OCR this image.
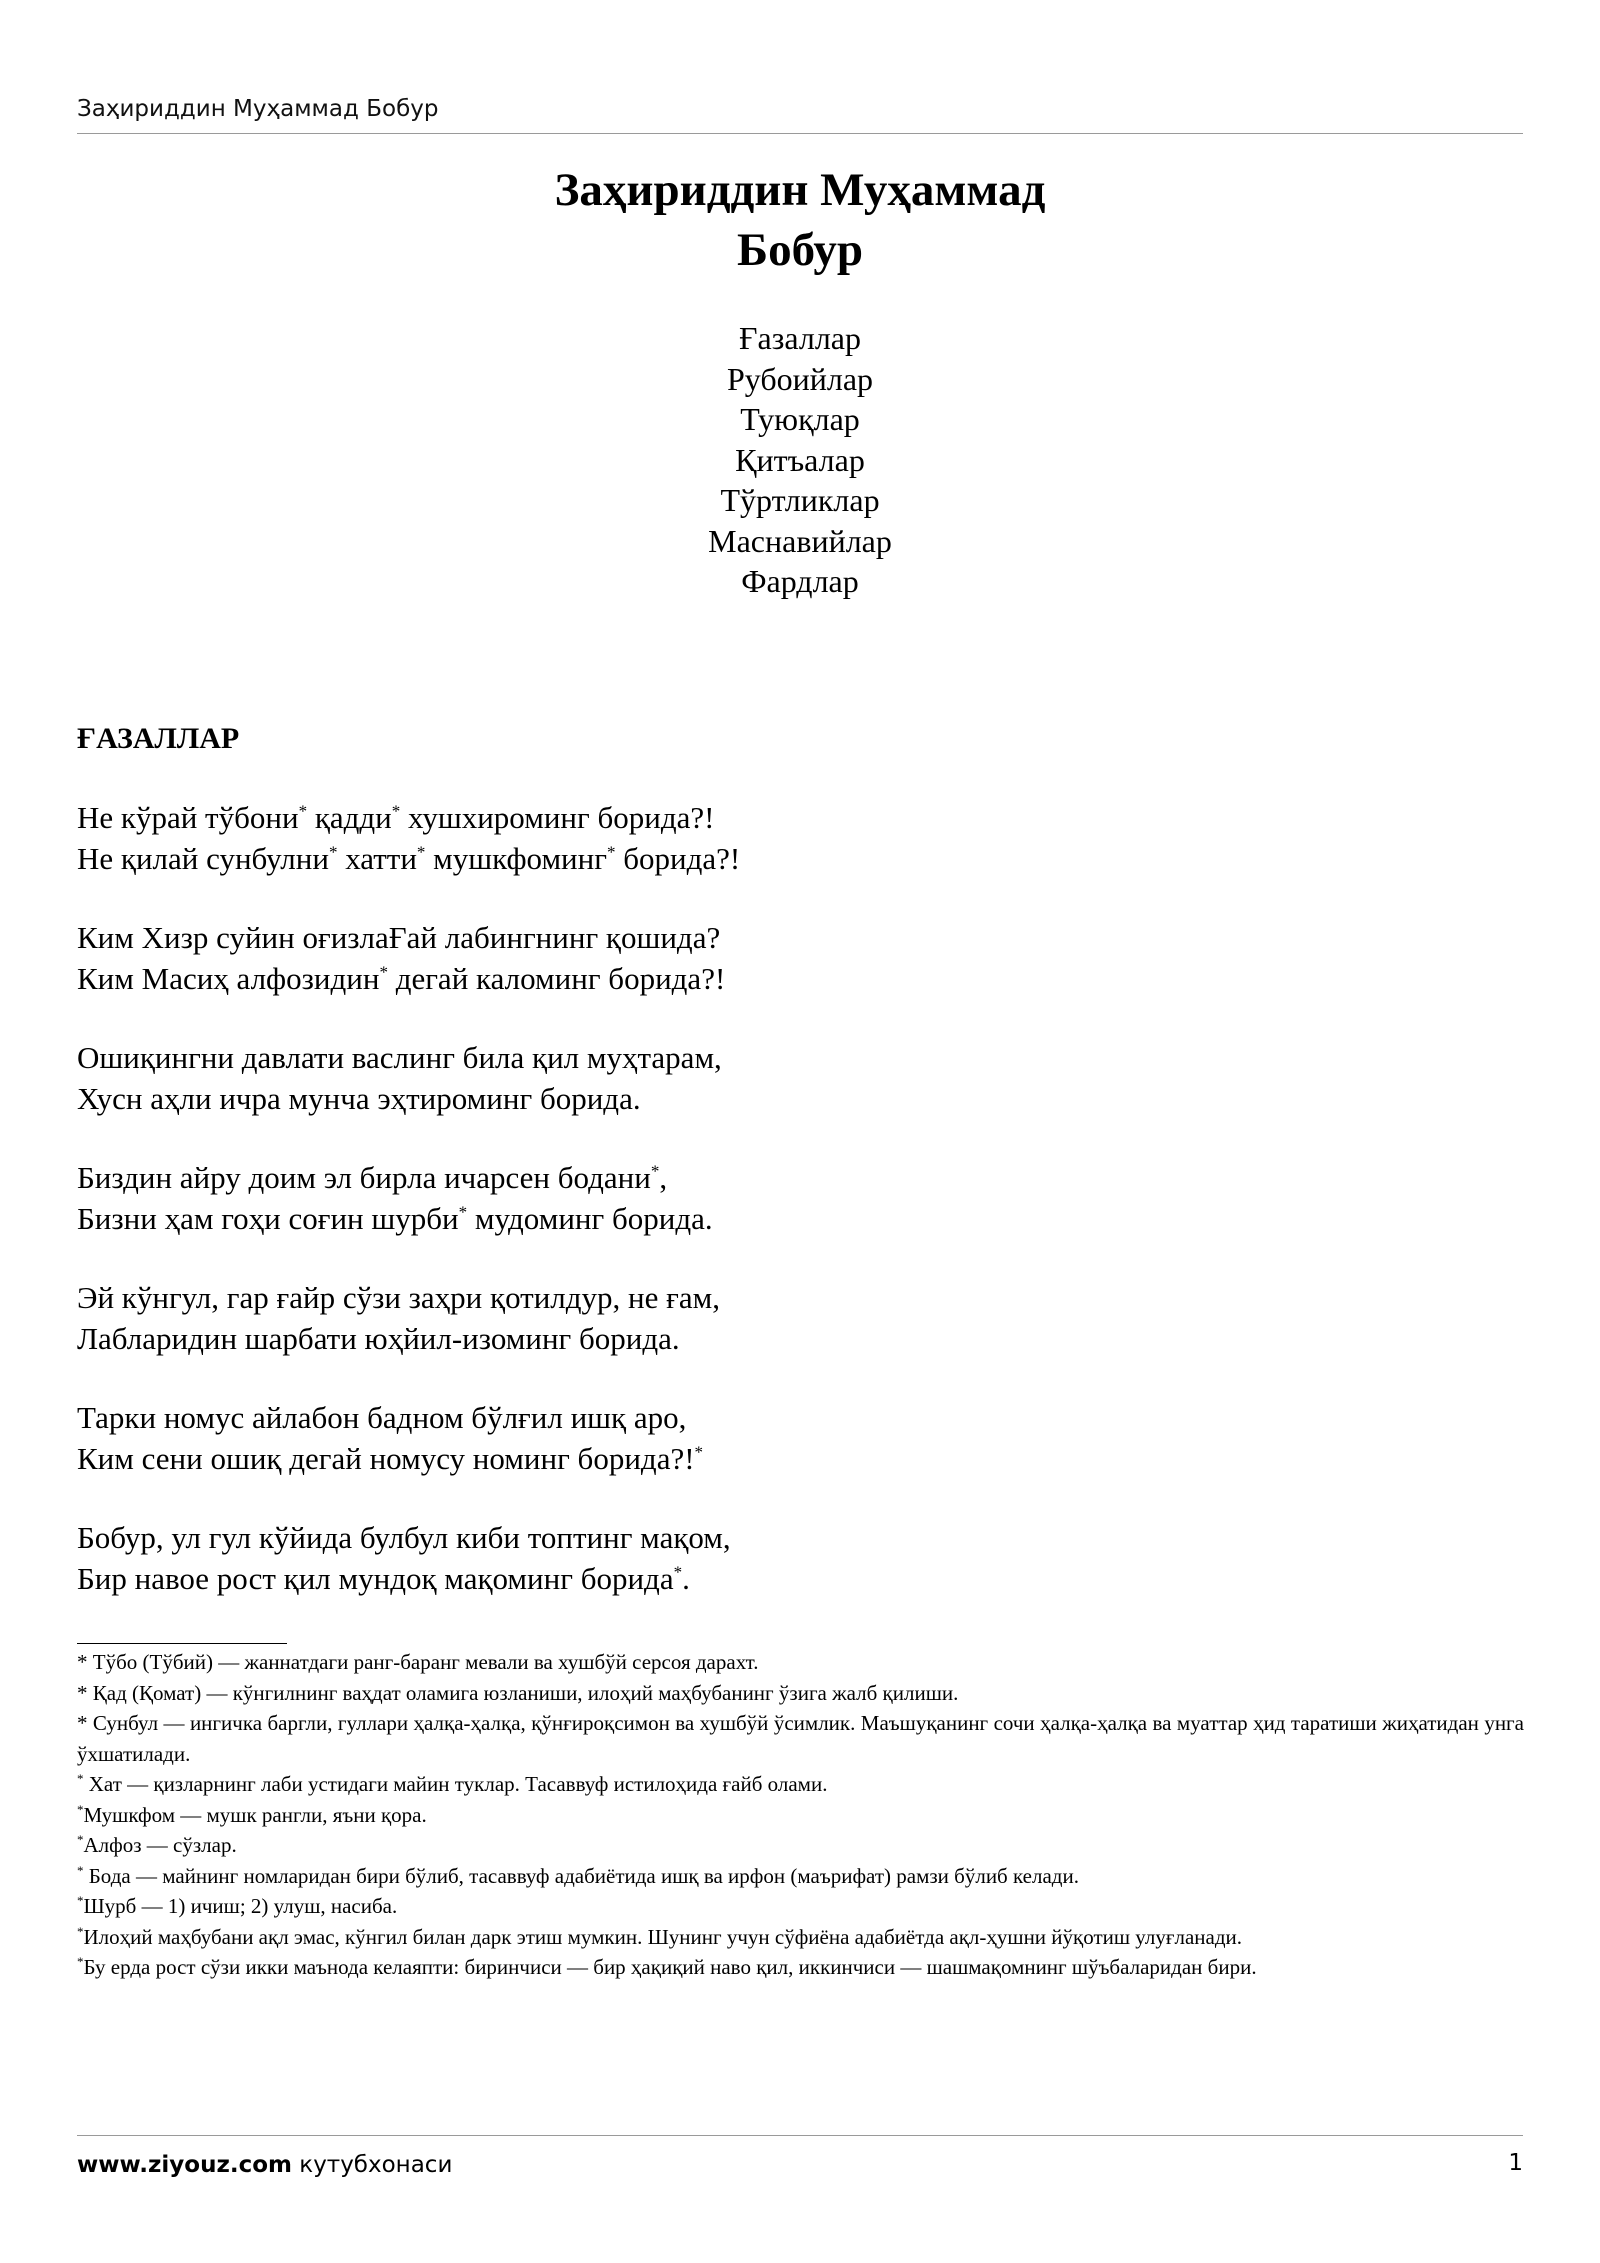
Заҳириддин Муҳаммад Бобур
Заҳириддин Муҳаммад
Бобур
Ғазаллар
Рубоийлар
Туюқлар
Қитъалар
Тўртликлар
Маснавийлар
Фардлар
ҒАЗАЛЛАР
Не кўрай тўбони* қадди* хушхироминг борида?!
Не қилай сунбулни* хатти* мушкфоминг* борида?!
Ким Хизр суйин оғизлаҒай лабингнинг қошида?
Ким Масиҳ алфозидин* дегай каломинг борида?!
Ошиқингни давлати васлинг била қил муҳтарам,
Хусн аҳли ичра мунча эҳтироминг борида.
Биздин айру доим эл бирла ичарсен бодани*,
Бизни ҳам гоҳи соғин шурби* мудоминг борида.
Эй кўнгул, гар ғайр сўзи заҳри қотилдур, не ғам,
Лабларидин шарбати юҳйил-изоминг борида.
Тарки номус айлабон бадном бўлғил ишқ аро,
Ким сени ошиқ дегай номусу номинг борида?!*
Бобур, ул гул кўйида булбул киби топтинг мақом,
Бир навое рост қил мундоқ мақоминг борида*.

* Тўбо (Тўбий) — жаннатдаги ранг-баранг мевали ва хушбўй серсоя дарахт.

* Қад (Қомат) — кўнгилнинг ваҳдат оламига юзланиши, илоҳий маҳбубанинг ўзига жалб қилиши.

* Сунбул — ингичка баргли, гуллари ҳалқа-ҳалқа, қўнғироқсимон ва хушбўй ўсимлик. Маъшуқанинг сочи ҳалқа-ҳалқа ва муаттар ҳид таратиши жиҳатидан унга ўхшатилади.

* Хат — қизларнинг лаби устидаги майин туклар. Тасаввуф истилоҳида ғайб олами.

*Мушкфом — мушк рангли, яъни қора.

*Алфоз — сўзлар.

* Бода — майнинг номларидан бири бўлиб, тасаввуф адабиётида ишқ ва ирфон (маърифат) рамзи бўлиб келади.

*Шурб — 1) ичиш; 2) улуш, насиба.

*Илоҳий маҳбубани ақл эмас, кўнгил билан дарк этиш мумкин. Шунинг учун сўфиёна адабиётда ақл-ҳушни йўқотиш улуғланади.

*Бу ерда рост сўзи икки маънода келаяпти: биринчиси — бир ҳақиқий наво қил, иккинчиси — шашмақомнинг шўъбаларидан бири.

www.ziyouz.com кутубхонаси	1
